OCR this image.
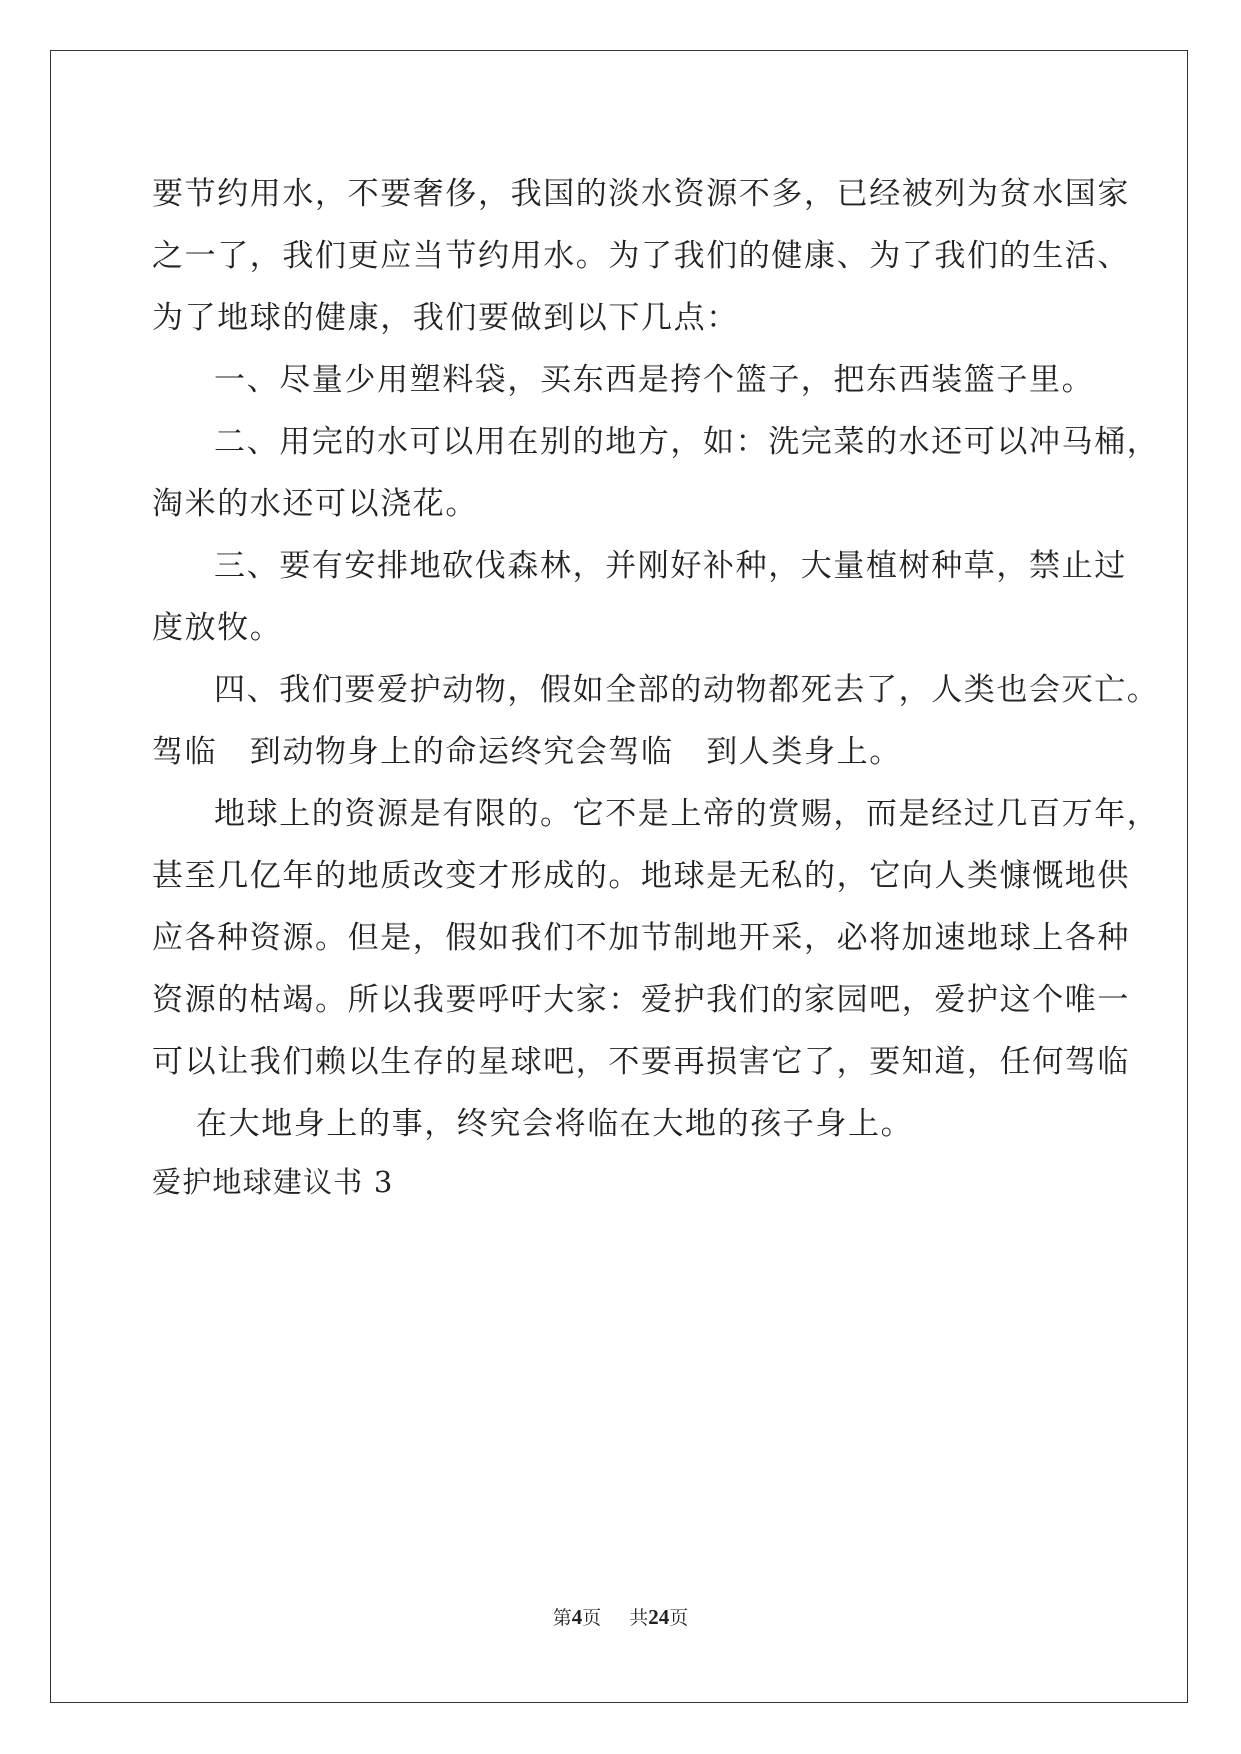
要节约用水，不要奢侈，我国的淡水资源不多，已经被列为贫水国家
之一了，我们更应当节约用水。为了我们的健康、为了我们的生活、
为了地球的健康，我们要做到以下几点：
一、尽量少用塑料袋，买东西是挎个篮子，把东西装篮子里。
二、用完的水可以用在别的地方，如：洗完菜的水还可以冲马桶，
淘米的水还可以浇花。
三、要有安排地砍伐森林，并刚好补种，大量植树种草，禁止过
度放牧。
四、我们要爱护动物，假如全部的动物都死去了，人类也会灭亡。
驾临　到动物身上的命运终究会驾临　到人类身上。
地球上的资源是有限的。它不是上帝的赏赐，而是经过几百万年，
甚至几亿年的地质改变才形成的。地球是无私的，它向人类慷慨地供
应各种资源。但是，假如我们不加节制地开采，必将加速地球上各种
资源的枯竭。所以我要呼吁大家：爱护我们的家园吧，爱护这个唯一
可以让我们赖以生存的星球吧，不要再损害它了，要知道，任何驾临
在大地身上的事，终究会将临在大地的孩子身上。
爱护地球建议书 3
第4页 共24页
